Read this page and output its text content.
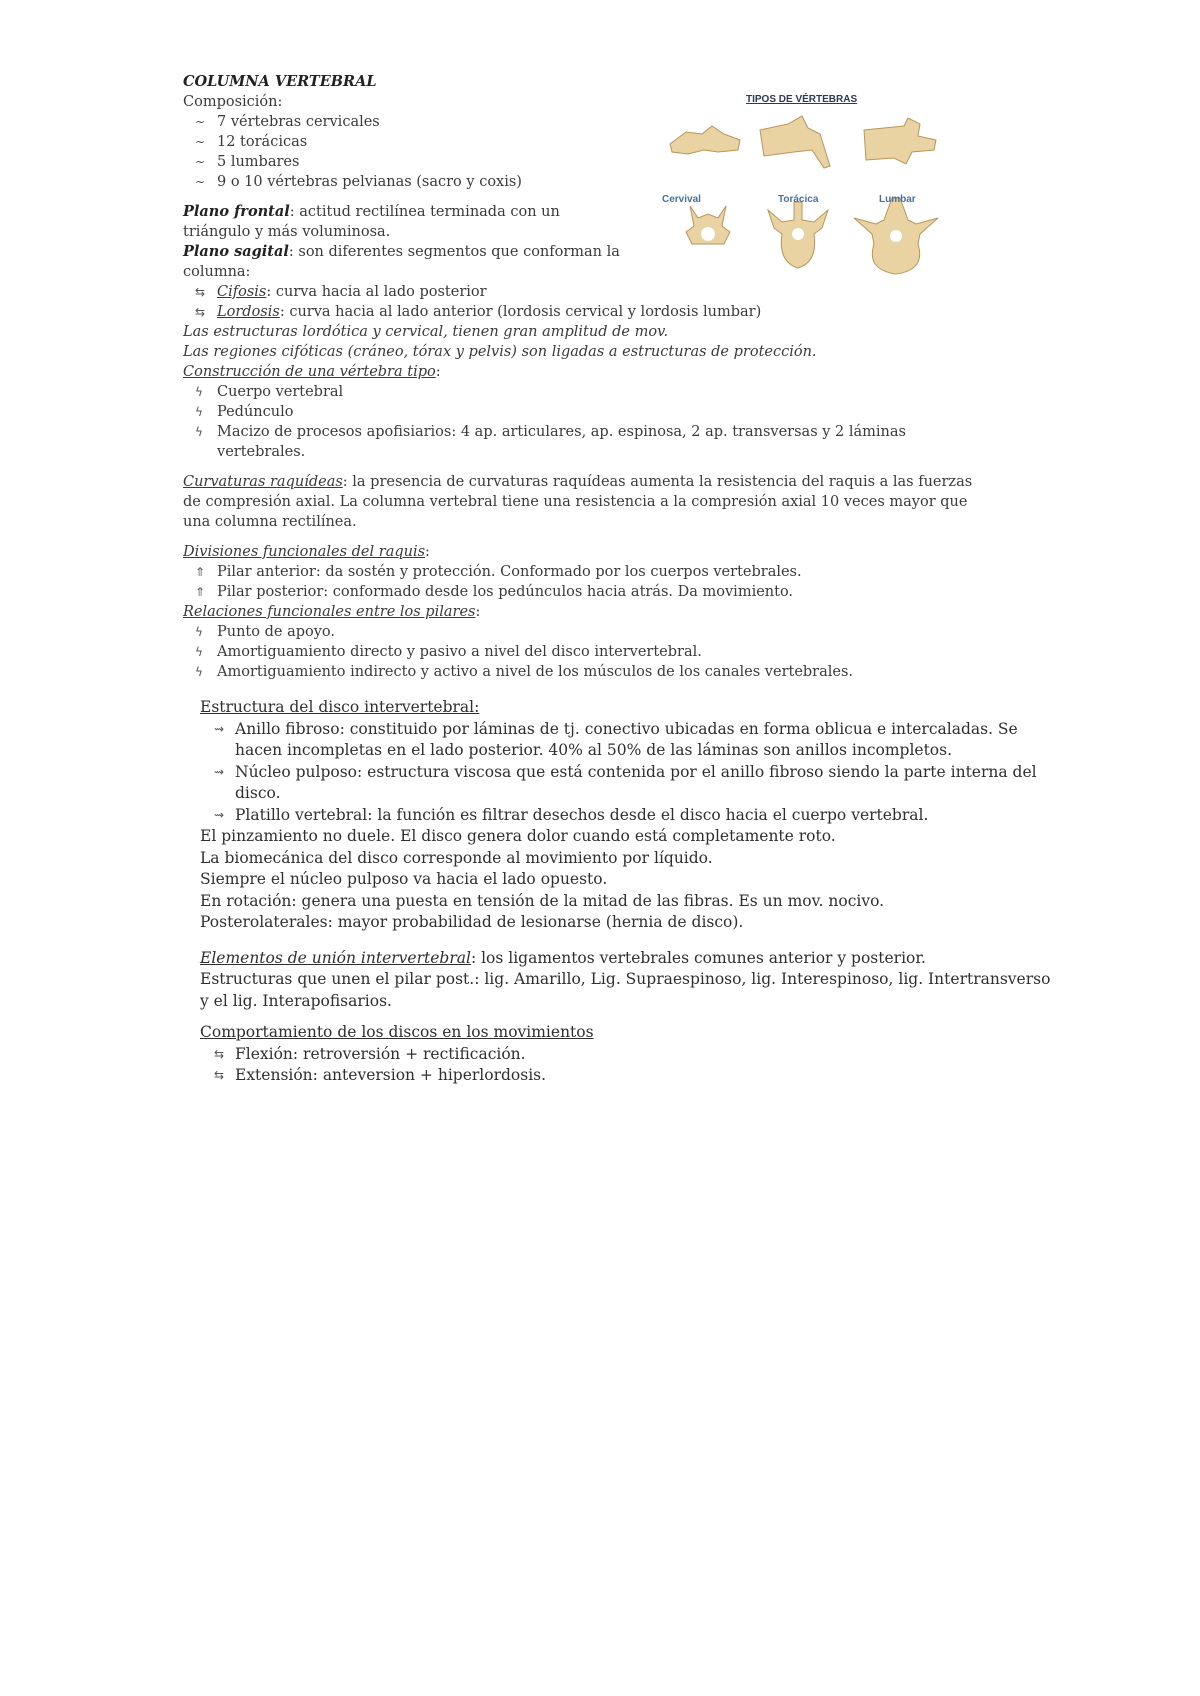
COLUMNA VERTEBRAL

Composición:

~ 7 vértebras cervicales
~ 12 torácicas
~ 5 lumbares
~ 9 o 10 vértebras pelvianas (sacro y coxis)

Plano frontal: actitud rectilínea terminada con un triángulo y más voluminosa.

Plano sagital: son diferentes segmentos que conforman la columna:

⇆ Cifosis: curva hacia al lado posterior
⇆ Lordosis: curva hacia al lado anterior (lordosis cervical y lordosis lumbar)

Las estructuras lordótica y cervical, tienen gran amplitud de mov.

Las regiones cifóticas (cráneo, tórax y pelvis) son ligadas a estructuras de protección.

Construcción de una vértebra tipo:

ϟ Cuerpo vertebral
ϟ Pedúnculo
ϟ Macizo de procesos apofisiarios: 4 ap. articulares, ap. espinosa, 2 ap. transversas y 2 láminas vertebrales.

Curvaturas raquídeas: la presencia de curvaturas raquídeas aumenta la resistencia del raquis a las fuerzas de compresión axial. La columna vertebral tiene una resistencia a la compresión axial 10 veces mayor que una columna rectilínea.

Divisiones funcionales del raquis:

⇑ Pilar anterior: da sostén y protección. Conformado por los cuerpos vertebrales.
⇑ Pilar posterior: conformado desde los pedúnculos hacia atrás. Da movimiento.

Relaciones funcionales entre los pilares:

ϟ Punto de apoyo.
ϟ Amortiguamiento directo y pasivo a nivel del disco intervertebral.
ϟ Amortiguamiento indirecto y activo a nivel de los músculos de los canales vertebrales.

Estructura del disco intervertebral:

⇝ Anillo fibroso: constituido por láminas de tj. conectivo ubicadas en forma oblicua e intercaladas. Se hacen incompletas en el lado posterior. 40% al 50% de las láminas son anillos incompletos.
⇝ Núcleo pulposo: estructura viscosa que está contenida por el anillo fibroso siendo la parte interna del disco.
⇝ Platillo vertebral: la función es filtrar desechos desde el disco hacia el cuerpo vertebral.

El pinzamiento no duele. El disco genera dolor cuando está completamente roto.

La biomecánica del disco corresponde al movimiento por líquido.

Siempre el núcleo pulposo va hacia el lado opuesto.

En rotación: genera una puesta en tensión de la mitad de las fibras. Es un mov. nocivo.

Posterolaterales: mayor probabilidad de lesionarse (hernia de disco).

Elementos de unión intervertebral: los ligamentos vertebrales comunes anterior y posterior.

Estructuras que unen el pilar post.: lig. Amarillo, Lig. Supraespinoso, lig. Interespinoso, lig. Intertransverso y el lig. Interapofisarios.

Comportamiento de los discos en los movimientos

⇆ Flexión: retroversión + rectificación.
⇆ Extensión: anteversion + hiperlordosis.
TIPOS DE VÉRTEBRAS
Cervival	Torácica	Lumbar
